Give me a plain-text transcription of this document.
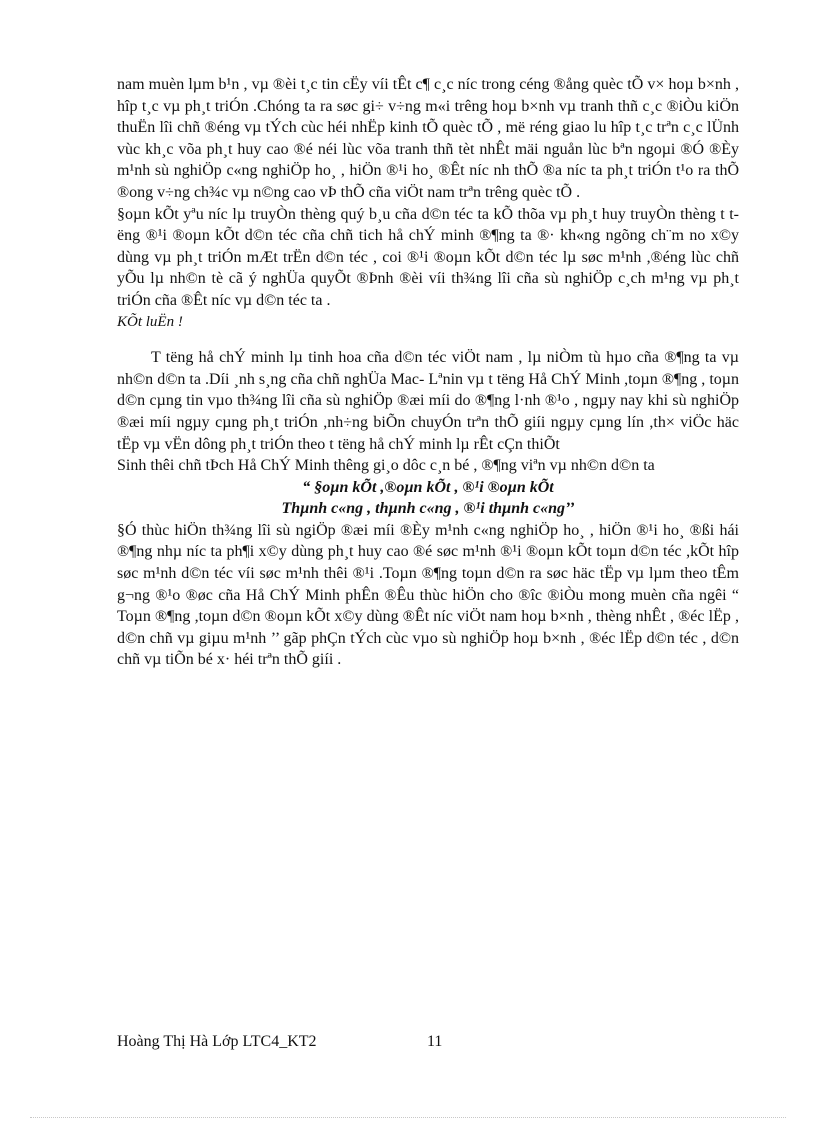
nam muèn lµm b¹n , vµ ®èi t¸c tin cËy víi tÊt c¶ c¸c níc trong céng ®ång quèc tÕ v× hoµ b×nh , hîp t¸c vµ ph¸t triÓn .Chóng ta ra søc gi÷ v÷ng m«i trêng hoµ b×nh vµ tranh thñ c¸c ®iÒu kiÖn thuËn lîi chñ ®éng vµ tÝch cùc héi nhËp kinh tÕ quèc tÕ , më réng giao lu hîp t¸c trªn c¸c lÜnh vùc kh¸c võa ph¸t huy cao ®é néi lùc võa tranh thñ tèt nhÊt mäi nguån lùc bªn ngoµi ®Ó ®Èy m¹nh sù nghiÖp c«ng nghiÖp ho¸ , hiÖn ®¹i ho¸ ®Êt níc nh thÕ ®a níc ta ph¸t triÓn t¹o ra thÕ ®ong v÷ng ch¾c vµ n©ng cao vÞ thÕ cña viÖt nam trªn trêng quèc tÕ .

§oµn kÕt yªu níc lµ truyÒn thèng quý b¸u cña d©n téc ta kÕ thõa vµ ph¸t huy truyÒn thèng t tëng ®¹i ®oµn kÕt d©n téc cña chñ tich hå chÝ minh ®¶ng ta ®· kh«ng ngõng ch¨m no x©y dùng vµ ph¸t triÓn mÆt trËn d©n téc , coi ®¹i ®oµn kÕt d©n téc lµ søc m¹nh ,®éng lùc chñ yÕu lµ nh©n tè cã ý nghÜa quyÕt ®Þnh ®èi víi th¾ng lîi cña sù nghiÖp c¸ch m¹ng vµ ph¸t triÓn cña ®Êt níc vµ d©n téc ta .

KÕt luËn !

T tëng hå chÝ minh lµ tinh hoa cña d©n téc viÖt nam , lµ niÒm tù hµo cña ®¶ng ta vµ nh©n d©n ta .Díi ¸nh s¸ng cña chñ nghÜa Mac- Lªnin vµ t tëng Hå ChÝ Minh ,toµn ®¶ng , toµn d©n cµng tin vµo th¾ng lîi cña sù nghiÖp ®æi míi do ®¶ng l·nh ®¹o , ngµy nay khi sù nghiÖp ®æi míi ngµy cµng ph¸t triÓn ,nh÷ng biÕn chuyÓn trªn thÕ giíi ngµy cµng lín ,th× viÖc häc tËp vµ vËn dông ph¸t triÓn theo t tëng hå chÝ minh lµ rÊt cÇn thiÕt

Sinh thêi chñ tÞch Hå ChÝ Minh thêng gi¸o dôc c¸n bé , ®¶ng viªn vµ nh©n d©n ta

“ §oµn kÕt ,®oµn kÕt , ®¹i ®oµn kÕt

Thµnh c«ng , thµnh c«ng , ®¹i thµnh c«ng’’

§Ó thùc hiÖn th¾ng lîi sù ngiÖp ®æi míi ®Èy m¹nh c«ng nghiÖp ho¸ , hiÖn ®¹i ho¸ ®ßi hái ®¶ng nhµ níc ta ph¶i x©y dùng ph¸t huy cao ®é søc m¹nh ®¹i ®oµn kÕt toµn d©n téc ,kÕt hîp søc m¹nh d©n téc víi søc m¹nh thêi ®¹i .Toµn ®¶ng toµn d©n ra søc häc tËp vµ lµm theo tÊm g¬ng ®¹o ®øc cña Hå ChÝ Minh phÊn ®Êu thùc hiÖn cho ®îc ®iÒu mong muèn cña ngêi “ Toµn ®¶ng ,toµn d©n ®oµn kÕt x©y dùng ®Êt níc viÖt nam hoµ b×nh , thèng nhÊt , ®éc lËp , d©n chñ vµ giµu m¹nh ’’ gãp phÇn tÝch cùc vµo sù nghiÖp hoµ b×nh , ®éc lËp d©n téc , d©n chñ vµ tiÕn bé x· héi trªn thÕ giíi .

Hoàng Thị Hà Lớp LTC4_KT2	11
